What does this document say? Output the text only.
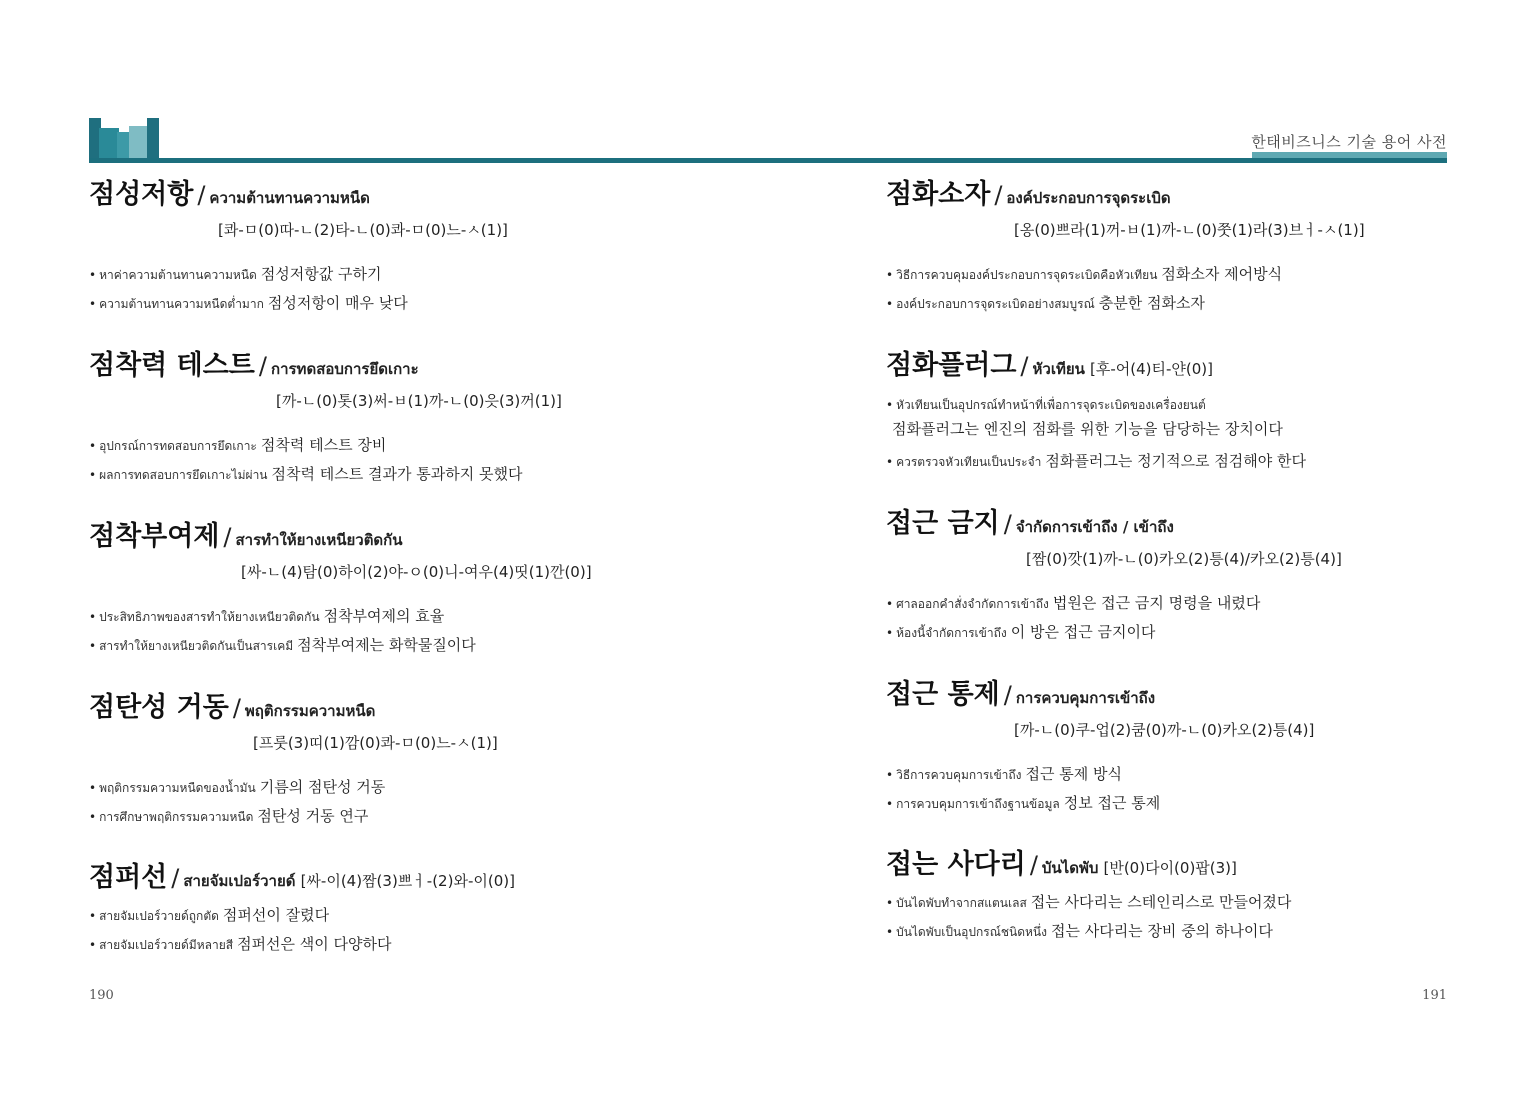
한태비즈니스 기술 용어 사전
점성저항 / ความต้านทานความหนืด
[콰-ㅁ(0)따-ㄴ(2)타-ㄴ(0)콰-ㅁ(0)느-ㅅ(1)]
• หาค่าความต้านทานความหนืด 점성저항값 구하기
• ความต้านทานความหนืดต่ำมาก 점성저항이 매우 낮다
점착력 테스트 / การทดสอบการยึดเกาะ
[까-ㄴ(0)톳(3)써-ㅂ(1)까-ㄴ(0)읏(3)꺼(1)]
• อุปกรณ์การทดสอบการยึดเกาะ 점착력 테스트 장비
• ผลการทดสอบการยึดเกาะไม่ผ่าน 점착력 테스트 결과가 통과하지 못했다
점착부여제 / สารทำให้ยางเหนียวติดกัน
[싸-ㄴ(4)탐(0)하이(2)야-ㅇ(0)니-여우(4)띳(1)깐(0)]
• ประสิทธิภาพของสารทำให้ยางเหนียวติดกัน 점착부여제의 효율
• สารทำให้ยางเหนียวติดกันเป็นสารเคมี 점착부여제는 화학물질이다
점탄성 거동 / พฤติกรรมความหนืด
[프룻(3)띠(1)깜(0)콰-ㅁ(0)느-ㅅ(1)]
• พฤติกรรมความหนืดของน้ำมัน 기름의 점탄성 거동
• การศึกษาพฤติกรรมความหนืด 점탄성 거동 연구
점퍼선 / สายจัมเปอร์วายด์ [싸-이(4)짬(3)쁘ㅓ-(2)와-이(0)]
• สายจัมเปอร์วายด์ถูกตัด 점퍼선이 잘렸다
• สายจัมเปอร์วายด์มีหลายสี 점퍼선은 색이 다양하다
점화소자 / องค์ประกอบการจุดระเบิด
[옹(0)쁘라(1)꺼-ㅂ(1)까-ㄴ(0)쭛(1)라(3)브ㅓ-ㅅ(1)]
• วิธีการควบคุมองค์ประกอบการจุดระเบิดคือหัวเทียน 점화소자 제어방식
• องค์ประกอบการจุดระเบิดอย่างสมบูรณ์ 충분한 점화소자
점화플러그 / หัวเทียน [후-어(4)티-얀(0)]
• หัวเทียนเป็นอุปกรณ์ทำหน้าที่เพื่อการจุดระเบิดของเครื่องยนต์
점화플러그는 엔진의 점화를 위한 기능을 담당하는 장치이다
• ควรตรวจหัวเทียนเป็นประจำ 점화플러그는 정기적으로 점검해야 한다
접근 금지 / จำกัดการเข้าถึง / เข้าถึง
[짬(0)깟(1)까-ㄴ(0)카오(2)틍(4)/카오(2)틍(4)]
• ศาลออกคำสั่งจำกัดการเข้าถึง 법원은 접근 금지 명령을 내렸다
• ห้องนี้จำกัดการเข้าถึง 이 방은 접근 금지이다
접근 통제 / การควบคุมการเข้าถึง
[까-ㄴ(0)쿠-업(2)쿰(0)까-ㄴ(0)카오(2)틍(4)]
• วิธีการควบคุมการเข้าถึง 접근 통제 방식
• การควบคุมการเข้าถึงฐานข้อมูล 정보 접근 통제
접는 사다리 / บันไดพับ [반(0)다이(0)팝(3)]
• บันไดพับทำจากสแตนเลส 접는 사다리는 스테인리스로 만들어졌다
• บันไดพับเป็นอุปกรณ์ชนิดหนึ่ง 접는 사다리는 장비 중의 하나이다
190	191
